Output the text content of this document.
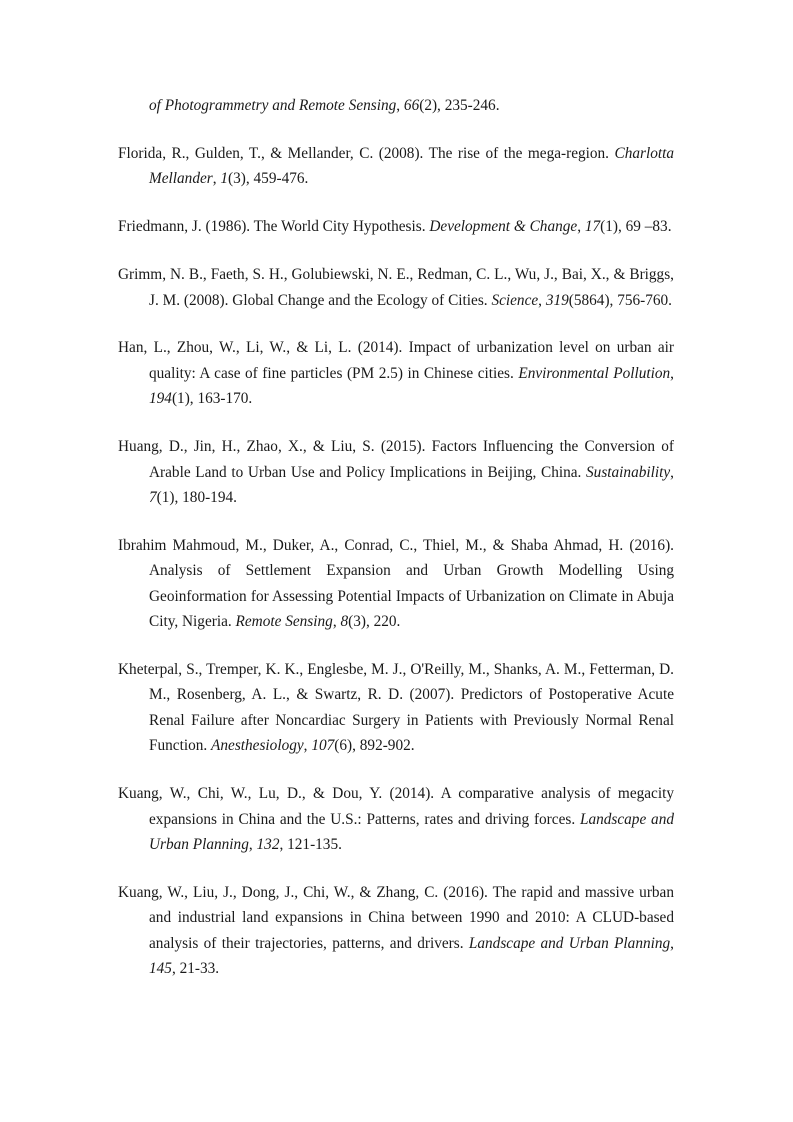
of Photogrammetry and Remote Sensing, 66(2), 235-246.

Florida, R., Gulden, T., & Mellander, C. (2008). The rise of the mega-region. Charlotta Mellander, 1(3), 459-476.

Friedmann, J. (1986). The World City Hypothesis. Development & Change, 17(1), 69 –83.

Grimm, N. B., Faeth, S. H., Golubiewski, N. E., Redman, C. L., Wu, J., Bai, X., & Briggs, J. M. (2008). Global Change and the Ecology of Cities. Science, 319(5864), 756-760.

Han, L., Zhou, W., Li, W., & Li, L. (2014). Impact of urbanization level on urban air quality: A case of fine particles (PM 2.5) in Chinese cities. Environmental Pollution, 194(1), 163-170.

Huang, D., Jin, H., Zhao, X., & Liu, S. (2015). Factors Influencing the Conversion of Arable Land to Urban Use and Policy Implications in Beijing, China. Sustainability, 7(1), 180-194.

Ibrahim Mahmoud, M., Duker, A., Conrad, C., Thiel, M., & Shaba Ahmad, H. (2016). Analysis of Settlement Expansion and Urban Growth Modelling Using Geoinformation for Assessing Potential Impacts of Urbanization on Climate in Abuja City, Nigeria. Remote Sensing, 8(3), 220.

Kheterpal, S., Tremper, K. K., Englesbe, M. J., O'Reilly, M., Shanks, A. M., Fetterman, D. M., Rosenberg, A. L., & Swartz, R. D. (2007). Predictors of Postoperative Acute Renal Failure after Noncardiac Surgery in Patients with Previously Normal Renal Function. Anesthesiology, 107(6), 892-902.

Kuang, W., Chi, W., Lu, D., & Dou, Y. (2014). A comparative analysis of megacity expansions in China and the U.S.: Patterns, rates and driving forces. Landscape and Urban Planning, 132, 121-135.

Kuang, W., Liu, J., Dong, J., Chi, W., & Zhang, C. (2016). The rapid and massive urban and industrial land expansions in China between 1990 and 2010: A CLUD-based analysis of their trajectories, patterns, and drivers. Landscape and Urban Planning, 145, 21-33.
